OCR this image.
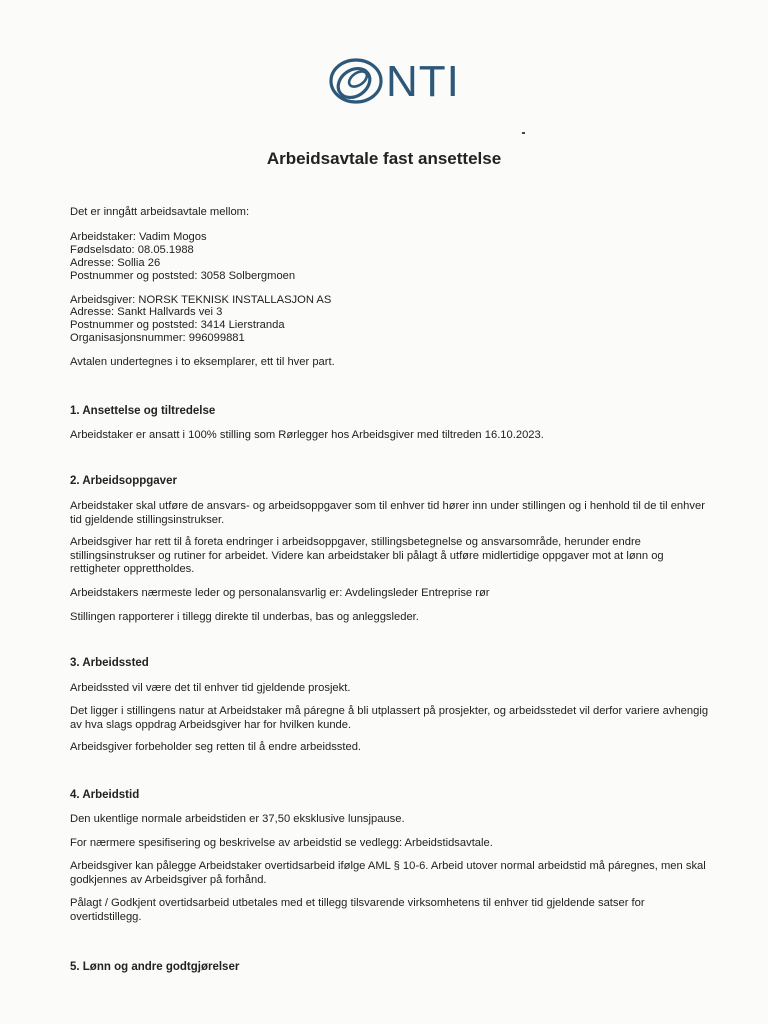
NTI
Arbeidsavtale fast ansettelse
Det er inngått arbeidsavtale mellom:
Arbeidstaker: Vadim Mogos
Fødselsdato: 08.05.1988
Adresse: Sollia 26
Postnummer og poststed: 3058 Solbergmoen
Arbeidsgiver: NORSK TEKNISK INSTALLASJON AS
Adresse: Sankt Hallvards vei 3
Postnummer og poststed: 3414 Lierstranda
Organisasjonsnummer: 996099881
Avtalen undertegnes i to eksemplarer, ett til hver part.
1. Ansettelse og tiltredelse
Arbeidstaker er ansatt i 100% stilling som Rørlegger hos Arbeidsgiver med tiltreden 16.10.2023.
2. Arbeidsoppgaver
Arbeidstaker skal utføre de ansvars- og arbeidsoppgaver som til enhver tid hører inn under stillingen og i henhold til de til enhver tid gjeldende stillingsinstrukser.
Arbeidsgiver har rett til å foreta endringer i arbeidsoppgaver, stillingsbetegnelse og ansvarsområde, herunder endre stillingsinstrukser og rutiner for arbeidet. Videre kan arbeidstaker bli pålagt å utføre midlertidige oppgaver mot at lønn og rettigheter opprettholdes.
Arbeidstakers nærmeste leder og personalansvarlig er: Avdelingsleder Entreprise rør
Stillingen rapporterer i tillegg direkte til underbas, bas og anleggsleder.
3. Arbeidssted
Arbeidssted vil være det til enhver tid gjeldende prosjekt.
Det ligger i stillingens natur at Arbeidstaker må páregne å bli utplassert på prosjekter, og arbeidsstedet vil derfor variere avhengig av hva slags oppdrag Arbeidsgiver har for hvilken kunde.
Arbeidsgiver forbeholder seg retten til å endre arbeidssted.
4. Arbeidstid
Den ukentlige normale arbeidstiden er 37,50 eksklusive lunsjpause.
For nærmere spesifisering og beskrivelse av arbeidstid se vedlegg: Arbeidstidsavtale.
Arbeidsgiver kan pålegge Arbeidstaker overtidsarbeid ifølge AML § 10-6. Arbeid utover normal arbeidstid må páregnes, men skal godkjennes av Arbeidsgiver på forhånd.
Pålagt / Godkjent overtidsarbeid utbetales med et tillegg tilsvarende virksomhetens til enhver tid gjeldende satser for overtidstillegg.
5. Lønn og andre godtgjørelser
